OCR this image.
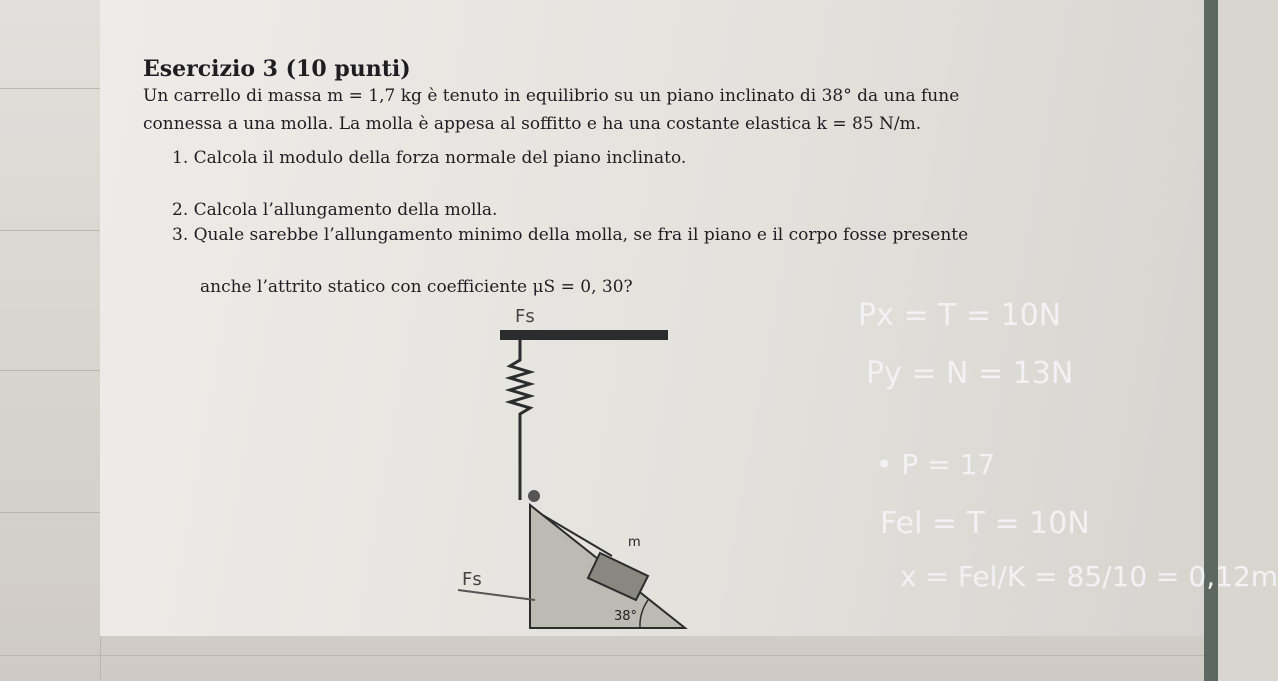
Esercizio 3 (10 punti)
Un carrello di massa m = 1,7 kg è tenuto in equilibrio su un piano inclinato di 38° da una fune
connessa a una molla. La molla è appesa al soffitto e ha una costante elastica k = 85 N/m.
1. Calcola il modulo della forza normale del piano inclinato.
2. Calcola l’allungamento della molla.
3. Quale sarebbe l’allungamento minimo della molla, se fra il piano e il corpo fosse presente
anche l’attrito statico con coefficiente μS = 0, 30?
m
38°
Fs
Fs
Px = T = 10N
Py = N = 13N
• P = 17
Fel = T = 10N
x = Fel/K = 85/10 = 0,12m
